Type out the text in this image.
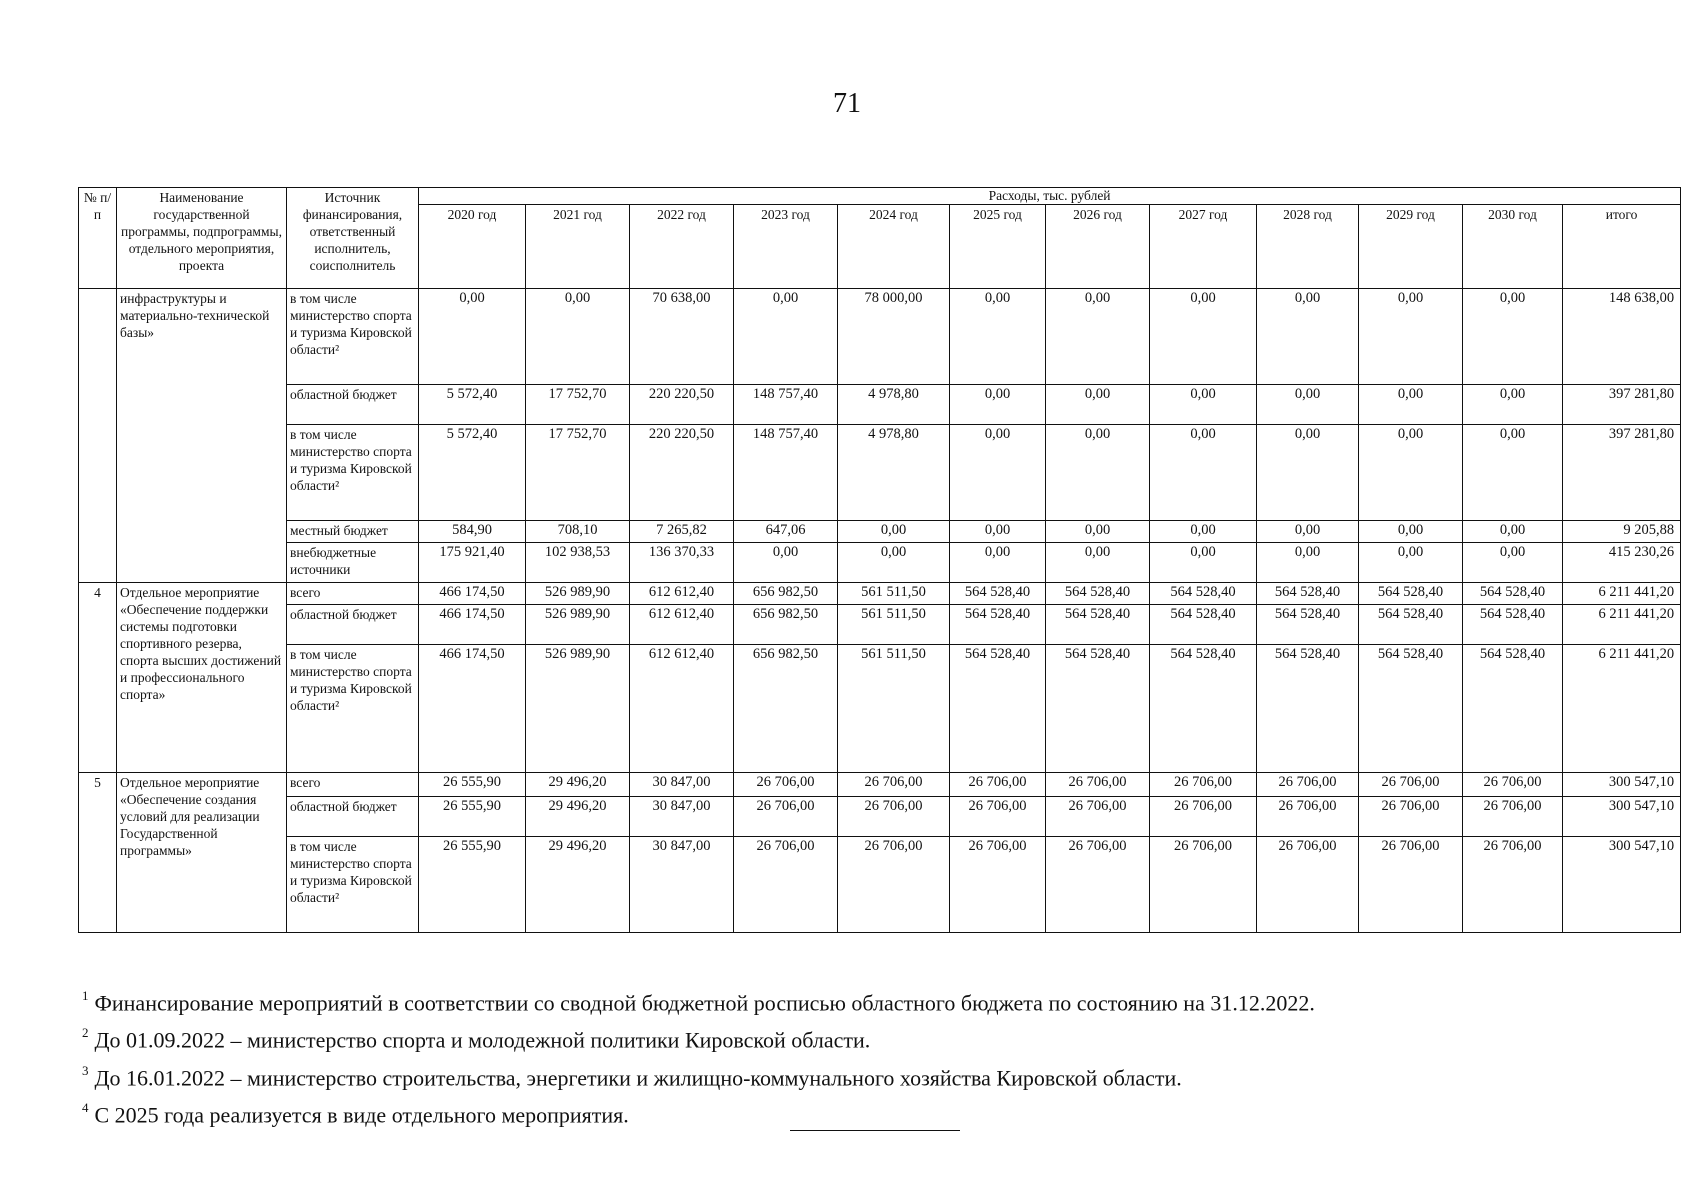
71
№ п/п	Наименование государственной программы, подпрограммы, отдельного мероприятия, проекта	Источник финансирования, ответственный исполнитель, соисполнитель	Расходы, тыс. рублей											
			2020 год	2021 год	2022 год	2023 год	2024 год	2025 год	2026 год	2027 год	2028 год	2029 год	2030 год	итого
	инфраструктуры и материально-технической базы»	в том числе министерство спорта и туризма Кировской области²	0,00	0,00	70 638,00	0,00	78 000,00	0,00	0,00	0,00	0,00	0,00	0,00	148 638,00
		областной бюджет	5 572,40	17 752,70	220 220,50	148 757,40	4 978,80	0,00	0,00	0,00	0,00	0,00	0,00	397 281,80
		в том числе министерство спорта и туризма Кировской области²	5 572,40	17 752,70	220 220,50	148 757,40	4 978,80	0,00	0,00	0,00	0,00	0,00	0,00	397 281,80
		местный бюджет	584,90	708,10	7 265,82	647,06	0,00	0,00	0,00	0,00	0,00	0,00	0,00	9 205,88
		внебюджетные источники	175 921,40	102 938,53	136 370,33	0,00	0,00	0,00	0,00	0,00	0,00	0,00	0,00	415 230,26
4	Отдельное мероприятие «Обеспечение поддержки системы подготовки спортивного резерва, спорта высших достижений и профессионального спорта»	всего	466 174,50	526 989,90	612 612,40	656 982,50	561 511,50	564 528,40	564 528,40	564 528,40	564 528,40	564 528,40	564 528,40	6 211 441,20
		областной бюджет	466 174,50	526 989,90	612 612,40	656 982,50	561 511,50	564 528,40	564 528,40	564 528,40	564 528,40	564 528,40	564 528,40	6 211 441,20
		в том числе министерство спорта и туризма Кировской области²	466 174,50	526 989,90	612 612,40	656 982,50	561 511,50	564 528,40	564 528,40	564 528,40	564 528,40	564 528,40	564 528,40	6 211 441,20
5	Отдельное мероприятие «Обеспечение создания условий для реализации Государственной программы»	всего	26 555,90	29 496,20	30 847,00	26 706,00	26 706,00	26 706,00	26 706,00	26 706,00	26 706,00	26 706,00	26 706,00	300 547,10
		областной бюджет	26 555,90	29 496,20	30 847,00	26 706,00	26 706,00	26 706,00	26 706,00	26 706,00	26 706,00	26 706,00	26 706,00	300 547,10
		в том числе министерство спорта и туризма Кировской области²	26 555,90	29 496,20	30 847,00	26 706,00	26 706,00	26 706,00	26 706,00	26 706,00	26 706,00	26 706,00	26 706,00	300 547,10
$^1$ Финансирование мероприятий в соответствии со сводной бюджетной росписью областного бюджета по состоянию на 31.12.2022.
$^2$ До 01.09.2022 – министерство спорта и молодежной политики Кировской области.
$^3$ До 16.01.2022 – министерство строительства, энергетики и жилищно-коммунального хозяйства Кировской области.
$^4$ С 2025 года реализуется в виде отдельного мероприятия.
